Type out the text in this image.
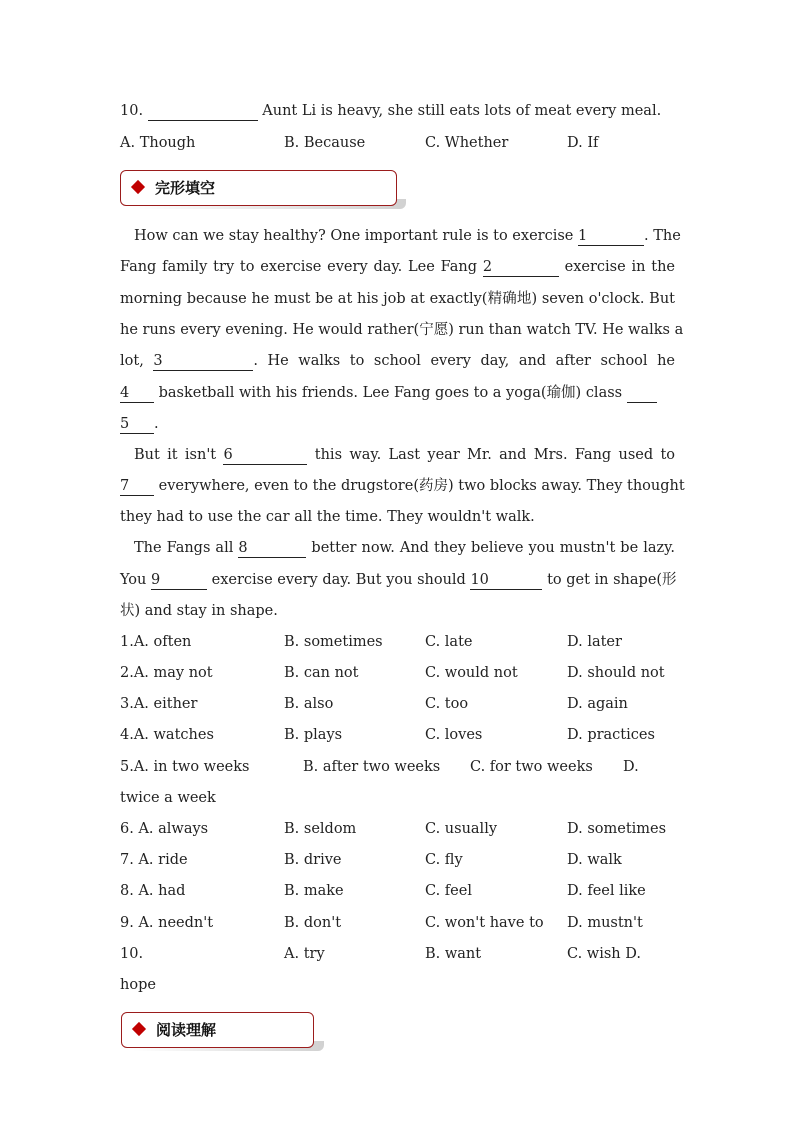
10.	Aunt Li is heavy, she still eats lots of meat every meal.
A. Though	B. Because	C. Whether	D. If
完形填空
How can we stay healthy? One important rule is to exercise 1	. The
Fang family try to exercise every day. Lee Fang 2	exercise in the
morning because he must be at his job at exactly(精确地) seven o'clock. But
he runs every evening. He would rather(宁愿) run than watch TV. He walks a
lot, 3	. He walks to school every day, and after school he
4 basketball with his friends. Lee Fang goes to a yoga(瑜伽) class
5 .
But it isn't 6	this way. Last year Mr. and Mrs. Fang used to
7 everywhere, even to the drugstore(药房) two blocks away. They thought
they had to use the car all the time. They wouldn't walk.
The Fangs all 8	better now. And they believe you mustn't be lazy.
You 9	exercise every day. But you should 10	to get in shape(形
状) and stay in shape.
1.A. often	B. sometimes	C. late	D. later
2.A. may not	B. can not	C. would not	D. should not
3.A. either	B. also	C. too	D. again
4.A. watches	B. plays	C. loves	D. practices
5.A. in two weeks	B. after two weeks C. for two weeks D.
twice a week
6. A. always	B. seldom	C. usually	D. sometimes
7. A. ride	B. drive	C. fly	D. walk
8. A. had	B. make	C. feel	D. feel like
9. A. needn't	B. don't	C. won't have to D. mustn't
10.	A. try	B. want	C. wish D.
hope
阅读理解
